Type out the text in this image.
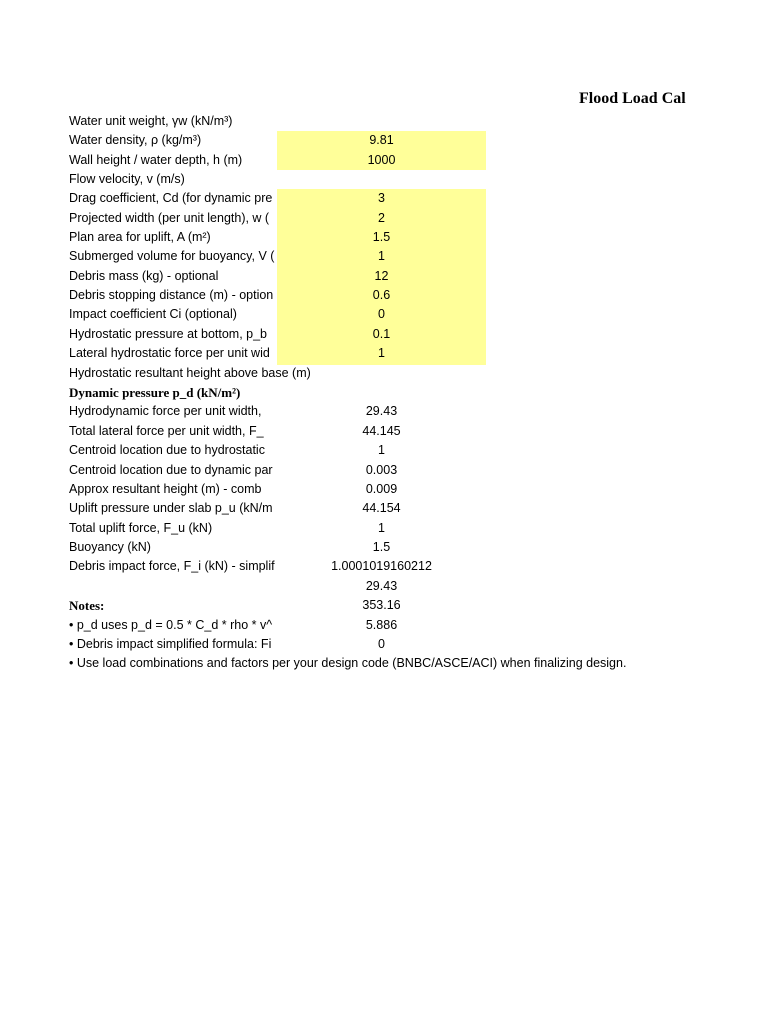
Flood Load Cal
Water unit weight, γw (kN/m³)
Water density, ρ (kg/m³)	9.81
Wall height / water depth, h (m)	1000
Flow velocity, v (m/s)
Drag coefficient, Cd (for dynamic pre	3
Projected width (per unit length), w (	2
Plan area for uplift, A (m²)	1.5
Submerged volume for buoyancy, V (	1
Debris mass (kg) - optional	12
Debris stopping distance (m) - option	0.6
Impact coefficient Ci (optional)	0
Hydrostatic pressure at bottom, p_b	0.1
Lateral hydrostatic force per unit wid	1
Hydrostatic resultant height above base (m)
Dynamic pressure p_d (kN/m²)
Hydrodynamic force per unit width,	29.43
Total lateral force per unit width, F_	44.145
Centroid location due to hydrostatic	1
Centroid location due to dynamic par	0.003
Approx resultant height (m) - comb	0.009
Uplift pressure under slab p_u (kN/m	44.154
Total uplift force, F_u (kN)	1
Buoyancy (kN)	1.5
Debris impact force, F_i (kN) - simplif	1.0001019160212
29.43
Notes:	353.16
• p_d uses p_d = 0.5 * C_d * rho * v^	5.886
• Debris impact simplified formula: Fi	0
• Use load combinations and factors per your design code (BNBC/ASCE/ACI) when finalizing design.
